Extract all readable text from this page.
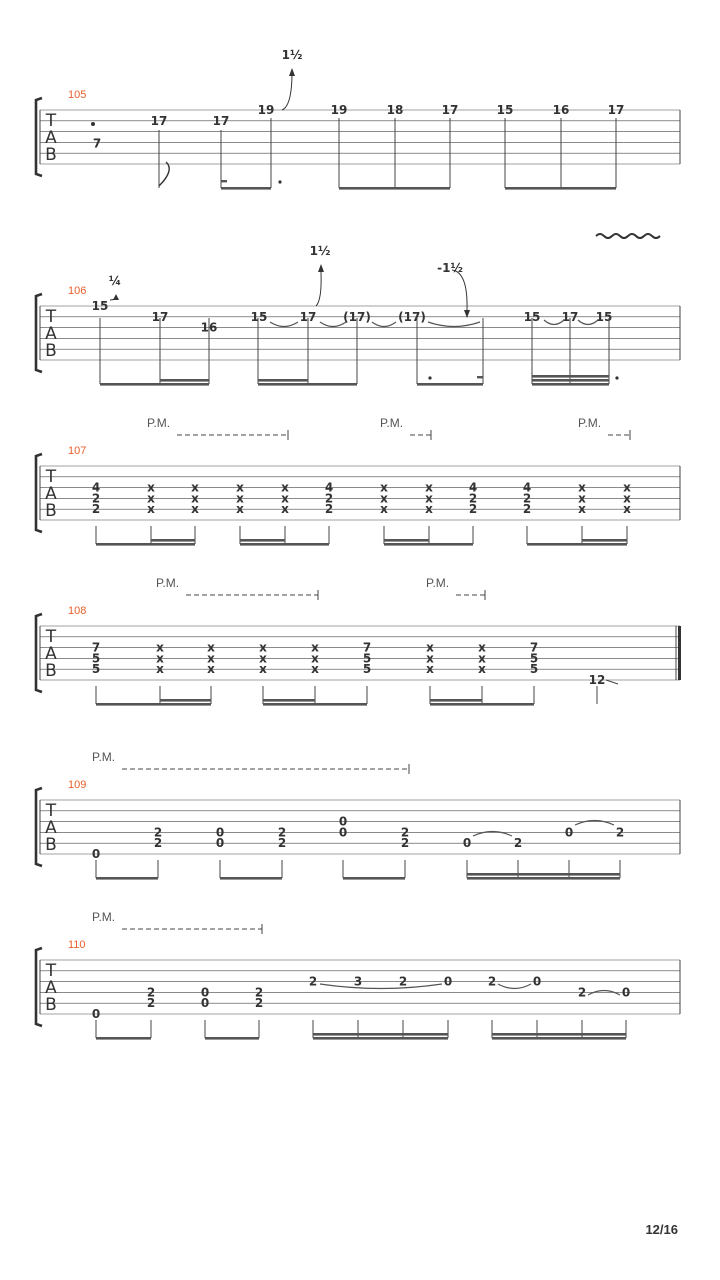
T
A
B
105
T
A
B
106
T
A
B
107
T
A
B
108
T
A
B
109
T
A
B
110
7
17	17
19	19	18	17	15	16	17
1½
15
17
16
15	17 (17) (17)	15 17 15
¼
1½
-1½
4
2
2
x
x
x
x
x
x
x
x
x
x
x
x
4
2
2
x
x
x
x
x
x
4
2
2
4
2
2
x
x
x
x
x
x
P.M.	P.M.	P.M.
7
5
5
x
x
x
x
x
x
x
x
x
x
x
x
7
5
5
x
x
x
x
x
x
7
5
5
P.M.	P.M.
12
0
2
2
0
0
2
2
0
0	2
2	0	2
0	2
P.M.
0
2
2
0
0
2
2
2	3	2	0	2	0
2	0
P.M.
12/16
